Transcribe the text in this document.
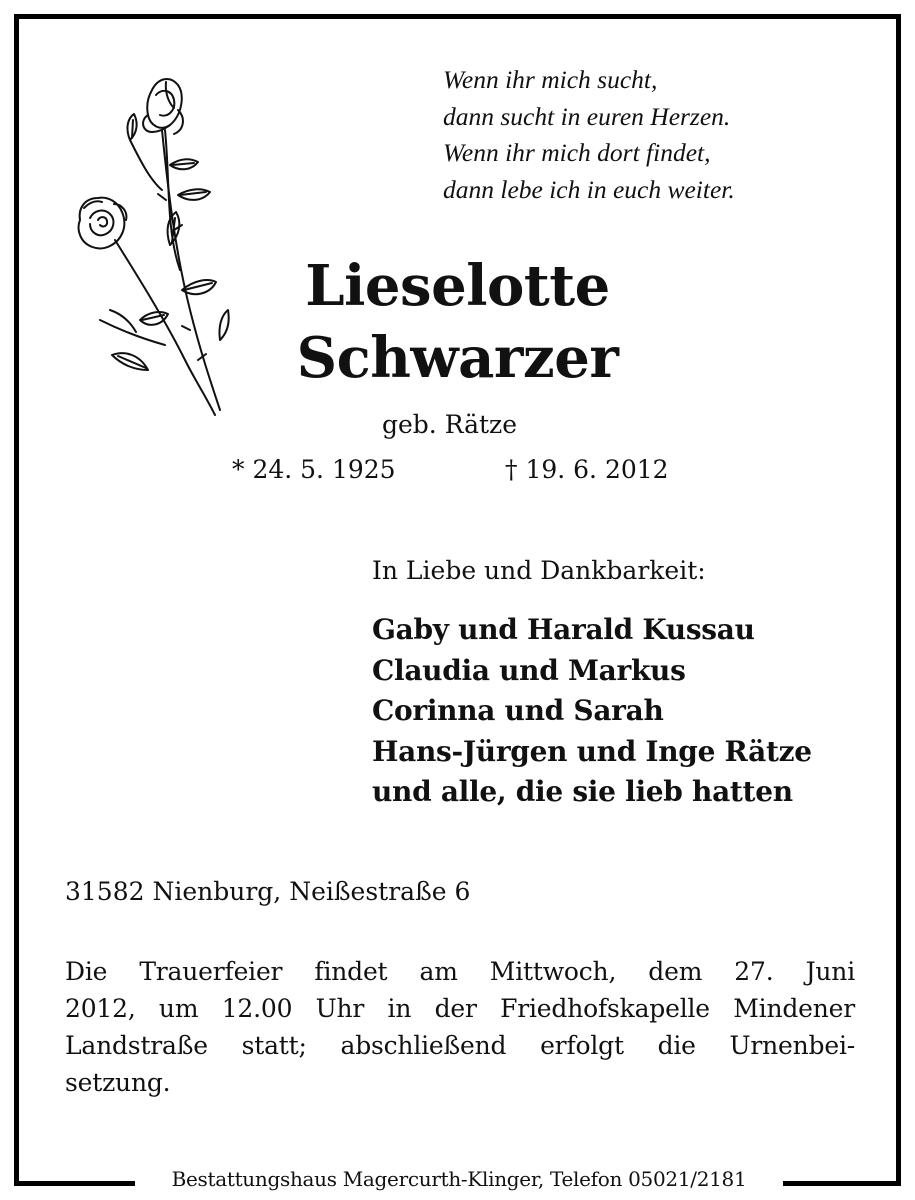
Wenn ihr mich sucht,
dann sucht in euren Herzen.
Wenn ihr mich dort findet,
dann lebe ich in euch weiter.
Lieselotte
Schwarzer
geb. Rätze
* 24. 5. 1925	† 19. 6. 2012
In Liebe und Dankbarkeit:
Gaby und Harald Kussau
Claudia und Markus
Corinna und Sarah
Hans-Jürgen und Inge Rätze
und alle, die sie lieb hatten
31582 Nienburg, Neißestraße 6
Die Trauerfeier findet am Mittwoch, dem 27. Juni
2012, um 12.00 Uhr in der Friedhofskapelle Mindener
Landstraße statt; abschließend erfolgt die Urnenbei-
setzung.
Bestattungshaus Magercurth-Klinger, Telefon 05021/2181
